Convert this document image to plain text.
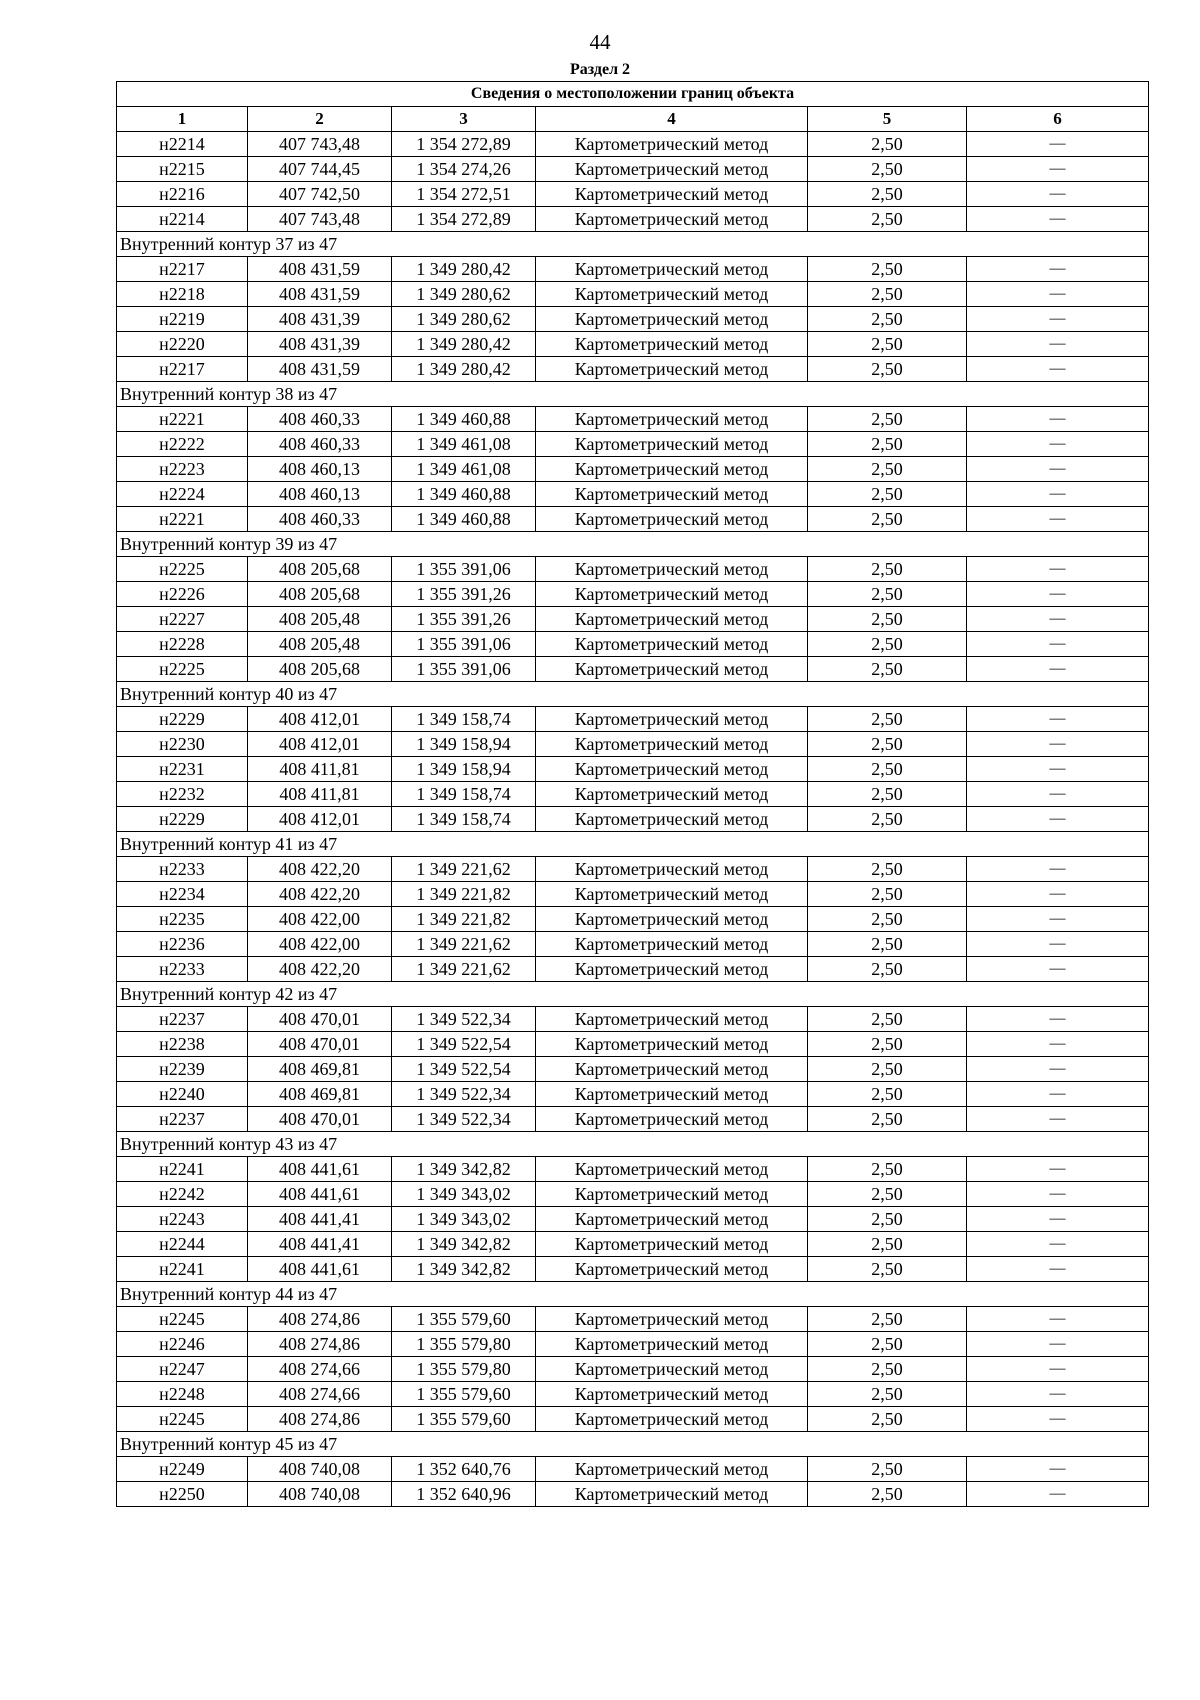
44
Раздел 2
Сведения о местоположении границ объекта					
1	2	3	4	5	6
н2214	407 743,48	1 354 272,89	Картометрический метод	2,50	—
н2215	407 744,45	1 354 274,26	Картометрический метод	2,50	—
н2216	407 742,50	1 354 272,51	Картометрический метод	2,50	—
н2214	407 743,48	1 354 272,89	Картометрический метод	2,50	—
Внутренний контур 37 из 47					
н2217	408 431,59	1 349 280,42	Картометрический метод	2,50	—
н2218	408 431,59	1 349 280,62	Картометрический метод	2,50	—
н2219	408 431,39	1 349 280,62	Картометрический метод	2,50	—
н2220	408 431,39	1 349 280,42	Картометрический метод	2,50	—
н2217	408 431,59	1 349 280,42	Картометрический метод	2,50	—
Внутренний контур 38 из 47					
н2221	408 460,33	1 349 460,88	Картометрический метод	2,50	—
н2222	408 460,33	1 349 461,08	Картометрический метод	2,50	—
н2223	408 460,13	1 349 461,08	Картометрический метод	2,50	—
н2224	408 460,13	1 349 460,88	Картометрический метод	2,50	—
н2221	408 460,33	1 349 460,88	Картометрический метод	2,50	—
Внутренний контур 39 из 47					
н2225	408 205,68	1 355 391,06	Картометрический метод	2,50	—
н2226	408 205,68	1 355 391,26	Картометрический метод	2,50	—
н2227	408 205,48	1 355 391,26	Картометрический метод	2,50	—
н2228	408 205,48	1 355 391,06	Картометрический метод	2,50	—
н2225	408 205,68	1 355 391,06	Картометрический метод	2,50	—
Внутренний контур 40 из 47					
н2229	408 412,01	1 349 158,74	Картометрический метод	2,50	—
н2230	408 412,01	1 349 158,94	Картометрический метод	2,50	—
н2231	408 411,81	1 349 158,94	Картометрический метод	2,50	—
н2232	408 411,81	1 349 158,74	Картометрический метод	2,50	—
н2229	408 412,01	1 349 158,74	Картометрический метод	2,50	—
Внутренний контур 41 из 47					
н2233	408 422,20	1 349 221,62	Картометрический метод	2,50	—
н2234	408 422,20	1 349 221,82	Картометрический метод	2,50	—
н2235	408 422,00	1 349 221,82	Картометрический метод	2,50	—
н2236	408 422,00	1 349 221,62	Картометрический метод	2,50	—
н2233	408 422,20	1 349 221,62	Картометрический метод	2,50	—
Внутренний контур 42 из 47					
н2237	408 470,01	1 349 522,34	Картометрический метод	2,50	—
н2238	408 470,01	1 349 522,54	Картометрический метод	2,50	—
н2239	408 469,81	1 349 522,54	Картометрический метод	2,50	—
н2240	408 469,81	1 349 522,34	Картометрический метод	2,50	—
н2237	408 470,01	1 349 522,34	Картометрический метод	2,50	—
Внутренний контур 43 из 47					
н2241	408 441,61	1 349 342,82	Картометрический метод	2,50	—
н2242	408 441,61	1 349 343,02	Картометрический метод	2,50	—
н2243	408 441,41	1 349 343,02	Картометрический метод	2,50	—
н2244	408 441,41	1 349 342,82	Картометрический метод	2,50	—
н2241	408 441,61	1 349 342,82	Картометрический метод	2,50	—
Внутренний контур 44 из 47					
н2245	408 274,86	1 355 579,60	Картометрический метод	2,50	—
н2246	408 274,86	1 355 579,80	Картометрический метод	2,50	—
н2247	408 274,66	1 355 579,80	Картометрический метод	2,50	—
н2248	408 274,66	1 355 579,60	Картометрический метод	2,50	—
н2245	408 274,86	1 355 579,60	Картометрический метод	2,50	—
Внутренний контур 45 из 47					
н2249	408 740,08	1 352 640,76	Картометрический метод	2,50	—
н2250	408 740,08	1 352 640,96	Картометрический метод	2,50	—
